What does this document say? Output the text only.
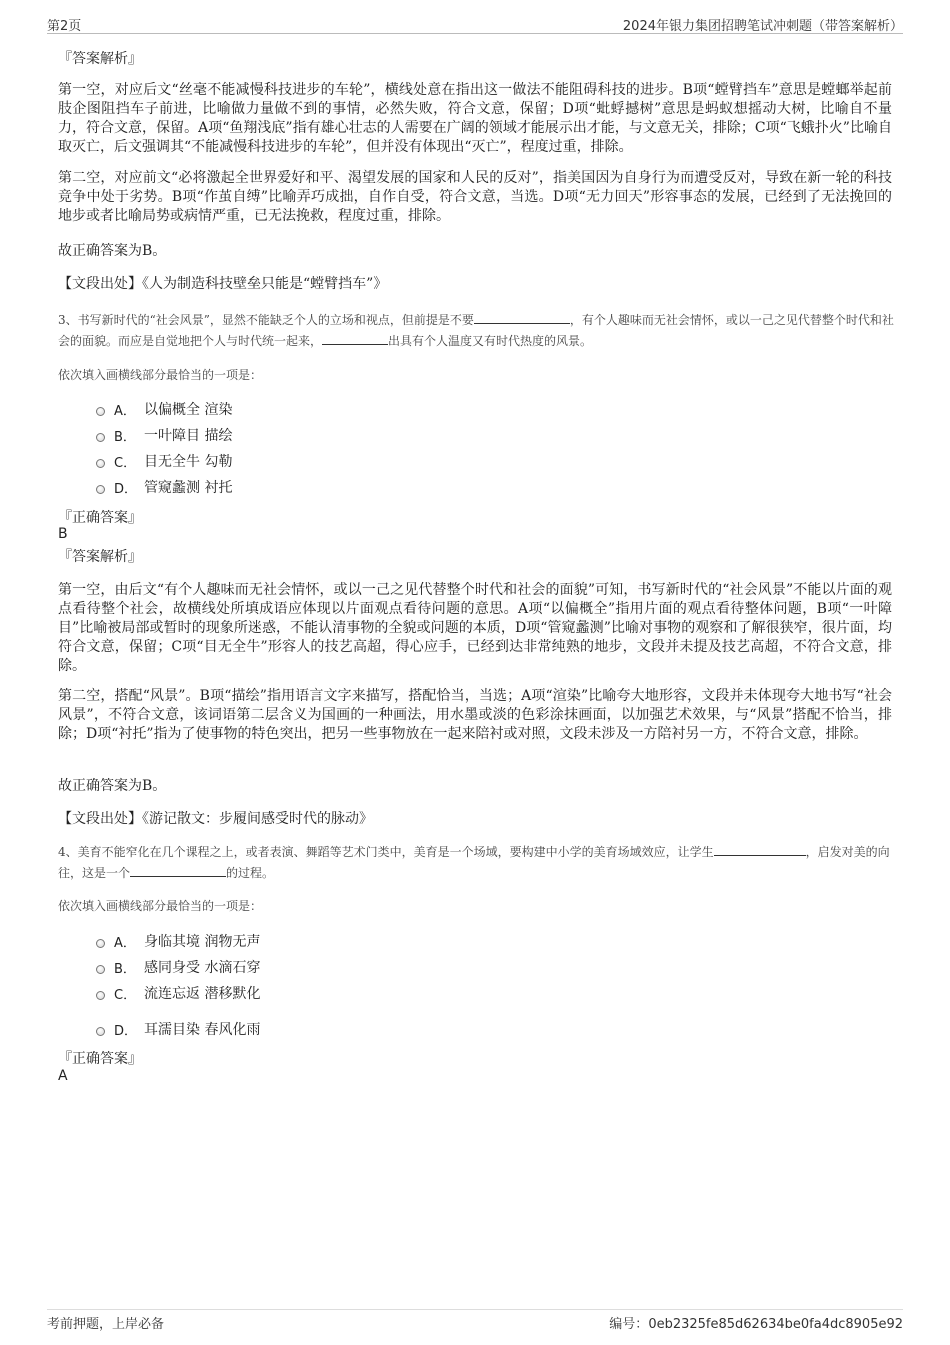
第2页	2024年银力集团招聘笔试冲刺题（带答案解析）
『答案解析』

第一空，对应后文“丝毫不能减慢科技进步的车轮”，横线处意在指出这一做法不能阻碍科技的进步。B项“螳臂挡车”意思是螳螂举起前肢企图阻挡车子前进，比喻做力量做不到的事情，必然失败，符合文意，保留；D项“蚍蜉撼树”意思是蚂蚁想摇动大树，比喻自不量力，符合文意，保留。A项“鱼翔浅底”指有雄心壮志的人需要在广阔的领域才能展示出才能，与文意无关，排除；C项“飞蛾扑火”比喻自取灭亡，后文强调其“不能减慢科技进步的车轮”，但并没有体现出“灭亡”，程度过重，排除。

第二空，对应前文“必将激起全世界爱好和平、渴望发展的国家和人民的反对”，指美国因为自身行为而遭受反对，导致在新一轮的科技竞争中处于劣势。B项“作茧自缚”比喻弄巧成拙，自作自受，符合文意，当选。D项“无力回天”形容事态的发展，已经到了无法挽回的地步或者比喻局势或病情严重，已无法挽救，程度过重，排除。

故正确答案为B。
【文段出处】《人为制造科技壁垒只能是“螳臂挡车”》

3、书写新时代的“社会风景”，显然不能缺乏个人的立场和视点，但前提是不要	，有个人趣味而无社会情怀，或以一己之见代替整个时代和社会的面貌。而应是自觉地把个人与时代统一起来，	出具有个人温度又有时代热度的风景。

依次填入画横线部分最恰当的一项是：
A． 以偏概全 渲染
B． 一叶障目 描绘
C． 目无全牛 勾勒
D． 管窥蠡测 衬托
『正确答案』
B
『答案解析』

第一空，由后文“有个人趣味而无社会情怀，或以一己之见代替整个时代和社会的面貌”可知，书写新时代的“社会风景”不能以片面的观点看待整个社会，故横线处所填成语应体现以片面观点看待问题的意思。A项“以偏概全”指用片面的观点看待整体问题，B项“一叶障目”比喻被局部或暂时的现象所迷惑，不能认清事物的全貌或问题的本质，D项“管窥蠡测”比喻对事物的观察和了解很狭窄，很片面，均符合文意，保留；C项“目无全牛”形容人的技艺高超，得心应手，已经到达非常纯熟的地步，文段并未提及技艺高超，不符合文意，排除。

第二空，搭配“风景”。B项“描绘”指用语言文字来描写，搭配恰当，当选；A项“渲染”比喻夸大地形容，文段并未体现夸大地书写“社会风景”，不符合文意，该词语第二层含义为国画的一种画法，用水墨或淡的色彩涂抹画面，以加强艺术效果，与“风景”搭配不恰当，排除；D项“衬托”指为了使事物的特色突出，把另一些事物放在一起来陪衬或对照，文段未涉及一方陪衬另一方，不符合文意，排除。

故正确答案为B。
【文段出处】《游记散文：步履间感受时代的脉动》

4、美育不能窄化在几个课程之上，或者表演、舞蹈等艺术门类中，美育是一个场域，要构建中小学的美育场域效应，让学生	，启发对美的向往，这是一个	的过程。

依次填入画横线部分最恰当的一项是：
A． 身临其境 润物无声
B． 感同身受 水滴石穿
C． 流连忘返 潜移默化
D． 耳濡目染 春风化雨
『正确答案』
A
考前押题，上岸必备	编号：0eb2325fe85d62634be0fa4dc8905e92
